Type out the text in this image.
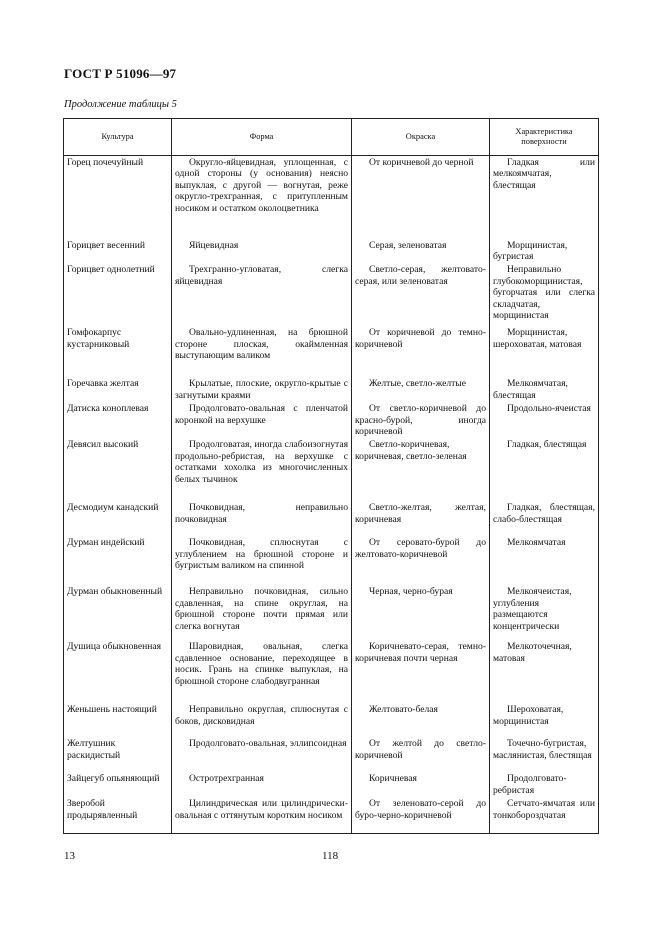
ГОСТ Р 51096—97
Продолжение таблицы 5
Культура	Форма	Окраска	Характеристика поверхности
Горец почечуйный	Округло-яйцевидная, уплощенная, с одной стороны (у основания) неясно выпуклая, с другой — вогнутая, реже округло-трехгранная, с притупленным носиком и остатком околоцветника	От коричневой до черной	Гладкая или мелкоямчатая, блестящая
Горицвет весенний	Яйцевидная	Серая, зеленоватая	Морщинистая, бугристая
Горицвет однолетний	Трехгранно-угловатая, слегка яйцевидная	Светло-серая, желтовато-серая, или зеленоватая	Неправильно глубокоморщинистая, бугорчатая или слегка складчатая, морщинистая
Гомфокарпус кустарниковый	Овально-удлиненная, на брюшной стороне плоская, окаймленная выступающим валиком	От коричневой до темно-коричневой	Морщинистая, шероховатая, матовая
Горечавка желтая	Крылатые, плоские, округло-крытые с загнутыми краями	Желтые, светло-желтые	Мелкоямчатая, блестящая
Датиска коноплевая	Продолговато-овальная с пленчатой коронкой на верхушке	От светло-коричневой до красно-бурой, иногда коричневой	Продольно-ячеистая
Девясил высокий	Продолговатая, иногда слабоизогнутая продольно-ребристая, на верхушке с остатками хохолка из многочисленных белых тычинок	Светло-коричневая, коричневая, светло-зеленая	Гладкая, блестящая
Десмодиум канадский	Почковидная, неправильно почковидная	Светло-желтая, желтая, коричневая	Гладкая, блестящая, слабо-блестящая
Дурман индейский	Почковидная, сплюснутая с углублением на брюшной стороне и бугристым валиком на спинной	От серовато-бурой до желтовато-коричневой	Мелкоямчатая
Дурман обыкновенный	Неправильно почковидная, сильно сдавленная, на спине округлая, на брюшной стороне почти прямая или слегка вогнутая	Черная, черно-бурая	Мелкоячеистая, углубления размещаются концентрически
Душица обыкновенная	Шаровидная, овальная, слегка сдавленное основание, переходящее в носик. Грань на спинке выпуклая, на брюшной стороне слабодвугранная	Коричневато-серая, темно-коричневая почти черная	Мелкоточечная, матовая
Женьшень настоящий	Неправильно округлая, сплюснутая с боков, дисковидная	Желтовато-белая	Шероховатая, морщинистая
Желтушник раскидистый	Продолговато-овальная, эллипсоидная	От желтой до светло-коричневой	Точечно-бугристая, маслянистая, блестящая
Зайцегуб опьяняющий	Остротрехгранная	Коричневая	Продолговато-ребристая
Зверобой продырявленный	Цилиндрическая или цилиндрически-овальная с оттянутым коротким носиком	От зеленовато-серой до буро-черно-коричневой	Сетчато-ямчатая или тонкобороздчатая
13	118
